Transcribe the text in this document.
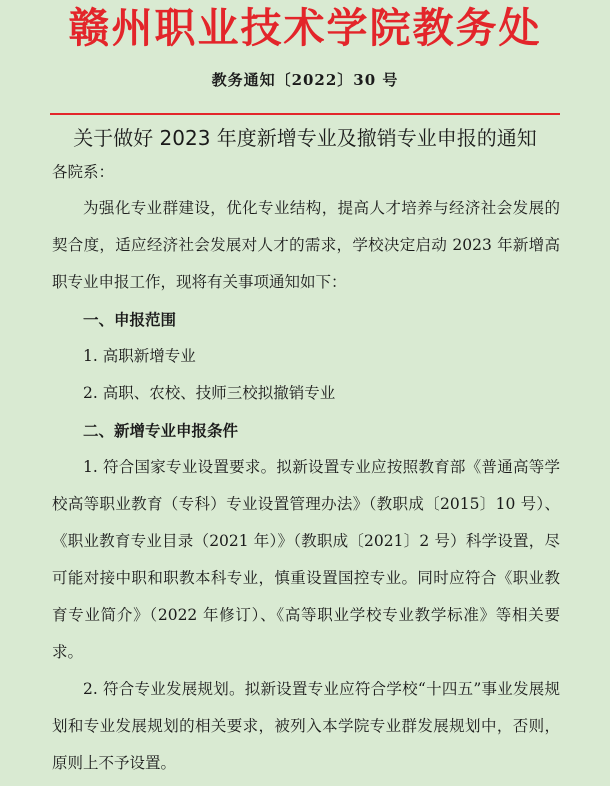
赣州职业技术学院教务处
教务通知〔2022〕30 号
关于做好 2023 年度新增专业及撤销专业申报的通知
各院系：

为强化专业群建设，优化专业结构，提高人才培养与经济社会发展的契合度，适应经济社会发展对人才的需求，学校决定启动 2023 年新增高职专业申报工作，现将有关事项通知如下：

一、申报范围

1. 高职新增专业

2. 高职、农校、技师三校拟撤销专业

二、新增专业申报条件

1. 符合国家专业设置要求。拟新设置专业应按照教育部《普通高等学校高等职业教育（专科）专业设置管理办法》（教职成〔2015〕10 号）、《职业教育专业目录（2021 年）》（教职成〔2021〕2 号）科学设置，尽可能对接中职和职教本科专业，慎重设置国控专业。同时应符合《职业教育专业简介》（2022 年修订）、《高等职业学校专业教学标准》等相关要求。

2. 符合专业发展规划。拟新设置专业应符合学校“十四五”事业发展规划和专业发展规划的相关要求，被列入本学院专业群发展规划中，否则，原则上不予设置。
